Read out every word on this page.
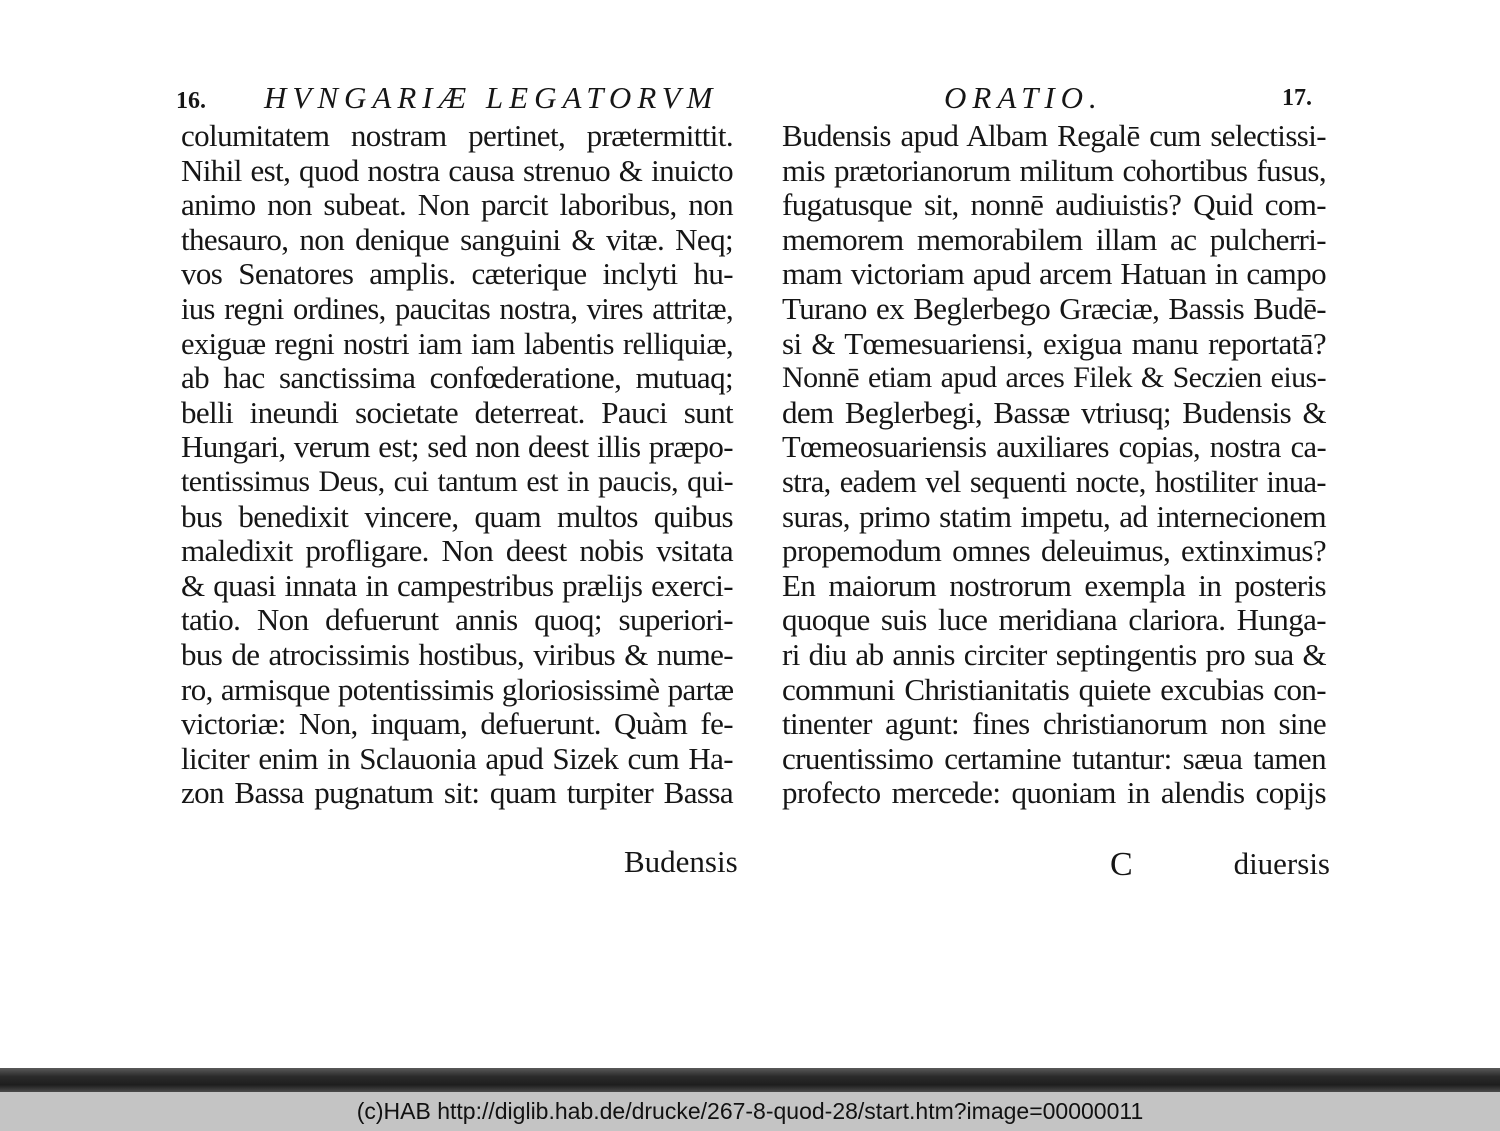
16. HVNGARIÆ LEGATORVM	ORATIO.	17.
columitatem nostram pertinet, prætermittit.
Nihil est, quod nostra causa strenuo & inuicto
animo non subeat. Non parcit laboribus, non
thesauro, non denique sanguini & vitæ. Neq;
vos Senatores amplis. cæterique inclyti hu-
ius regni ordines, paucitas nostra, vires attritæ,
exiguæ regni nostri iam iam labentis relliquiæ,
ab hac sanctissima confœderatione, mutuaq;
belli ineundi societate deterreat. Pauci sunt
Hungari, verum est; sed non deest illis præpo-
tentissimus Deus, cui tantum est in paucis, qui-
bus benedixit vincere, quam multos quibus
maledixit profligare. Non deest nobis vsitata
& quasi innata in campestribus prælijs exerci-
tatio. Non defuerunt annis quoq; superiori-
bus de atrocissimis hostibus, viribus & nume-
ro, armisque potentissimis gloriosissimè partæ
victoriæ: Non, inquam, defuerunt. Quàm fe-
liciter enim in Sclauonia apud Sizek cum Ha-
zon Bassa pugnatum sit: quam turpiter Bassa
Budensis
Budensis apud Albam Regalē cum selectissi-
mis prætorianorum militum cohortibus fusus,
fugatusque sit, nonnē audiuistis? Quid com-
memorem memorabilem illam ac pulcherri-
mam victoriam apud arcem Hatuan in campo
Turano ex Beglerbego Græciæ, Bassis Budē-
si & Tœmesuariensi, exigua manu reportatā?
Nonnē etiam apud arces Filek & Seczien eius-
dem Beglerbegi, Bassæ vtriusq; Budensis &
Tœmeosuariensis auxiliares copias, nostra ca-
stra, eadem vel sequenti nocte, hostiliter inua-
suras, primo statim impetu, ad internecionem
propemodum omnes deleuimus, extinximus?
En maiorum nostrorum exempla in posteris
quoque suis luce meridiana clariora. Hunga-
ri diu ab annis circiter septingentis pro sua &
communi Christianitatis quiete excubias con-
tinenter agunt: fines christianorum non sine
cruentissimo certamine tutantur: sæua tamen
profecto mercede: quoniam in alendis copijs
C	diuersis
(c)HAB http://diglib.hab.de/drucke/267-8-quod-28/start.htm?image=00000011
